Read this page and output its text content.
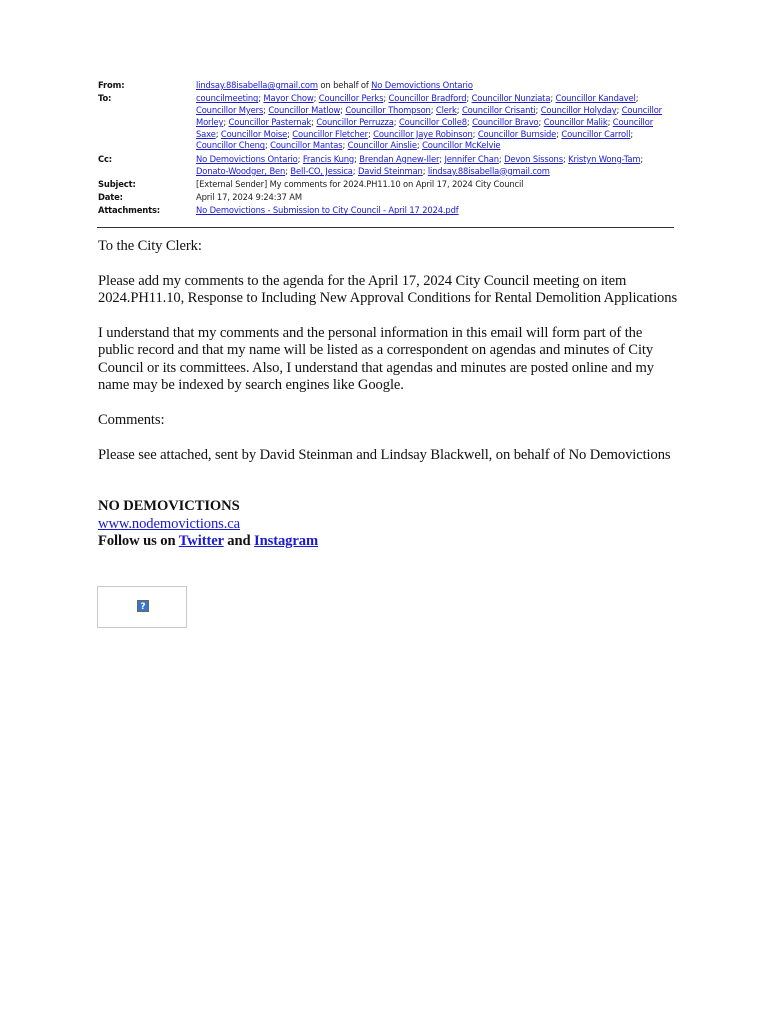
From:	lindsay.88isabella@gmail.com on behalf of No Demovictions Ontario
To:	councilmeeting; Mayor Chow; Councillor Perks; Councillor Bradford; Councillor Nunziata; Councillor Kandavel; Councillor Myers; Councillor Matlow; Councillor Thompson; Clerk; Councillor Crisanti; Councillor Holyday; Councillor Morley; Councillor Pasternak; Councillor Perruzza; Councillor Colle8; Councillor Bravo; Councillor Malik; Councillor Saxe; Councillor Moise; Councillor Fletcher; Councillor Jaye Robinson; Councillor Burnside; Councillor Carroll; Councillor Cheng; Councillor Mantas; Councillor Ainslie; Councillor McKelvie
Cc:	No Demovictions Ontario; Francis Kung; Brendan Agnew-Iler; Jennifer Chan; Devon Sissons; Kristyn Wong-Tam; Donato-Woodger, Ben; Bell-CO, Jessica; David Steinman; lindsay.88isabella@gmail.com
Subject:	[External Sender] My comments for 2024.PH11.10 on April 17, 2024 City Council
Date:	April 17, 2024 9:24:37 AM
Attachments:	No Demovictions - Submission to City Council - April 17 2024.pdf

To the City Clerk:

Please add my comments to the agenda for the April 17, 2024 City Council meeting on item 2024.PH11.10, Response to Including New Approval Conditions for Rental Demolition Applications

I understand that my comments and the personal information in this email will form part of the public record and that my name will be listed as a correspondent on agendas and minutes of City Council or its committees. Also, I understand that agendas and minutes are posted online and my name may be indexed by search engines like Google.

Comments:

Please see attached, sent by David Steinman and Lindsay Blackwell, on behalf of No Demovictions

NO DEMOVICTIONS
www.nodemovictions.ca
Follow us on Twitter and Instagram
?
